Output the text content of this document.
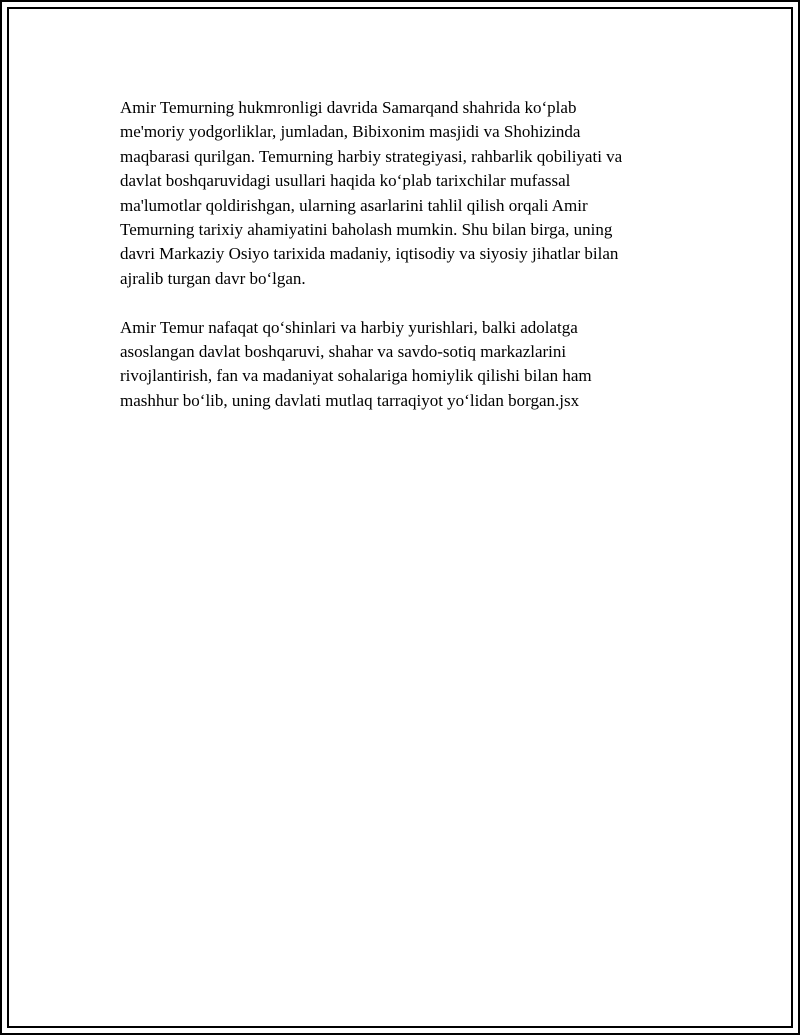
Amir Temurning hukmronligi davrida Samarqand shahrida ko‘plab
me'moriy yodgorliklar, jumladan, Bibixonim masjidi va Shohizinda
maqbarasi qurilgan. Temurning harbiy strategiyasi, rahbarlik qobiliyati va
davlat boshqaruvidagi usullari haqida ko‘plab tarixchilar mufassal
ma'lumotlar qoldirishgan, ularning asarlarini tahlil qilish orqali Amir
Temurning tarixiy ahamiyatini baholash mumkin. Shu bilan birga, uning
davri Markaziy Osiyo tarixida madaniy, iqtisodiy va siyosiy jihatlar bilan
ajralib turgan davr bo‘lgan.

Amir Temur nafaqat qo‘shinlari va harbiy yurishlari, balki adolatga
asoslangan davlat boshqaruvi, shahar va savdo-sotiq markazlarini
rivojlantirish, fan va madaniyat sohalariga homiylik qilishi bilan ham
mashhur bo‘lib, uning davlati mutlaq tarraqiyot yo‘lidan borgan.jsx
